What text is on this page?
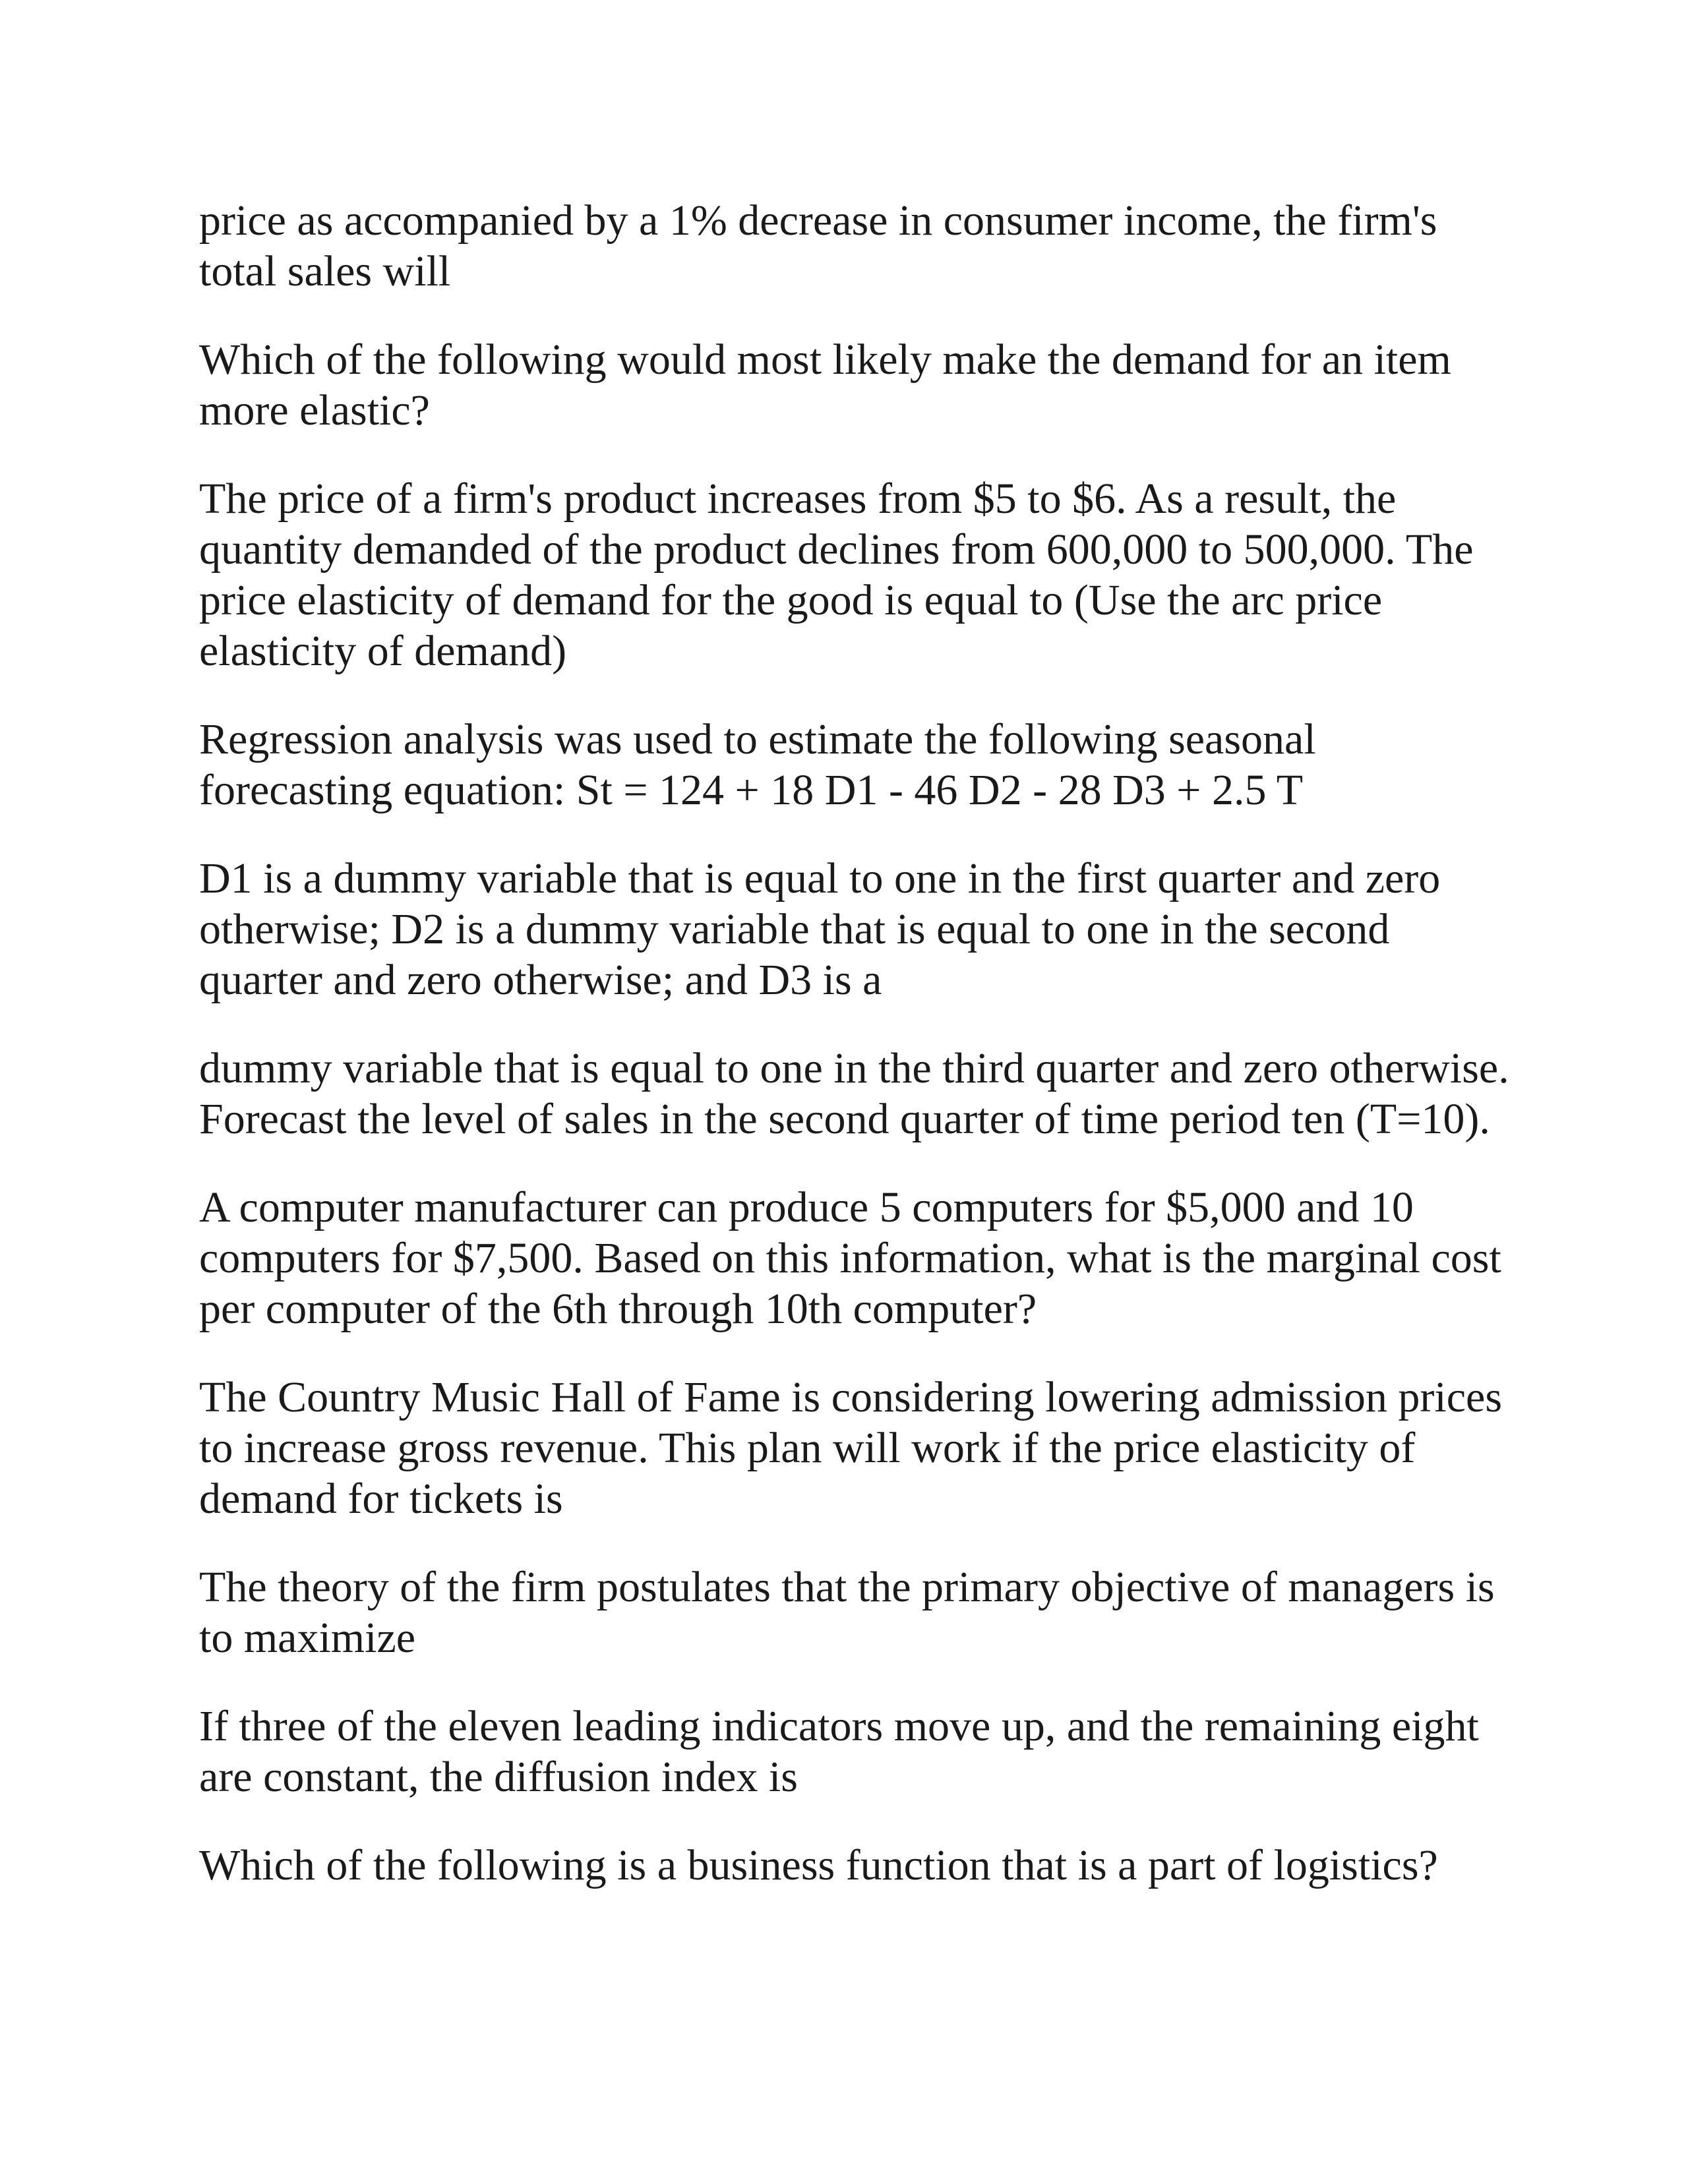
price as accompanied by a 1% decrease in consumer income, the firm's total sales will

Which of the following would most likely make the demand for an item more elastic?

The price of a firm's product increases from $5 to $6. As a result, the quantity demanded of the product declines from 600,000 to 500,000. The price elasticity of demand for the good is equal to (Use the arc price elasticity of demand)

Regression analysis was used to estimate the following seasonal forecasting equation: St = 124 + 18 D1 - 46 D2 - 28 D3 + 2.5 T

D1 is a dummy variable that is equal to one in the first quarter and zero otherwise; D2 is a dummy variable that is equal to one in the second quarter and zero otherwise; and D3 is a

dummy variable that is equal to one in the third quarter and zero otherwise. Forecast the level of sales in the second quarter of time period ten (T=10).

A computer manufacturer can produce 5 computers for $5,000 and 10 computers for $7,500. Based on this information, what is the marginal cost per computer of the 6th through 10th computer?

The Country Music Hall of Fame is considering lowering admission prices to increase gross revenue. This plan will work if the price elasticity of demand for tickets is

The theory of the firm postulates that the primary objective of managers is to maximize

If three of the eleven leading indicators move up, and the remaining eight are constant, the diffusion index is

Which of the following is a business function that is a part of logistics?
